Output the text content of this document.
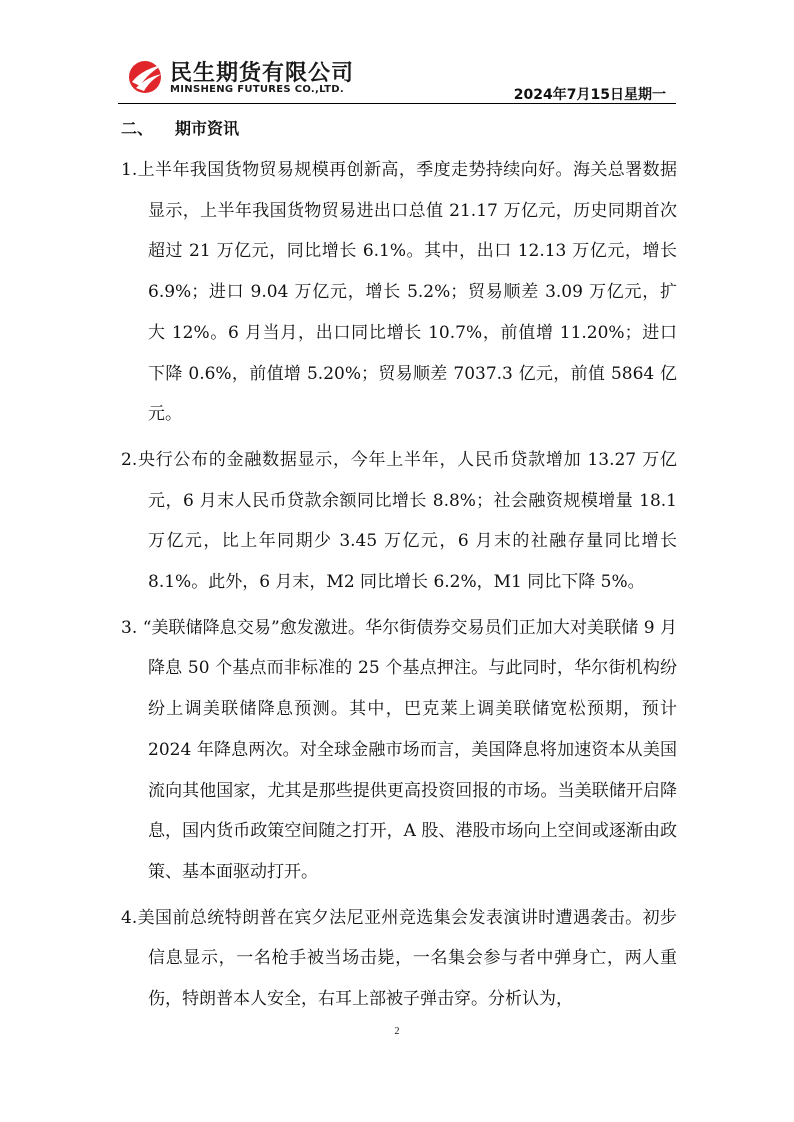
民生期货有限公司
MINSHENG FUTURES CO.,LTD.	2024年7月15日星期一
二、 期市资讯

1.上半年我国货物贸易规模再创新高，季度走势持续向好。海关总署数据显示，上半年我国货物贸易进出口总值 21.17 万亿元，历史同期首次超过 21 万亿元，同比增长 6.1%。其中，出口 12.13 万亿元，增长 6.9%；进口 9.04 万亿元，增长 5.2%；贸易顺差 3.09 万亿元，扩大 12%。6 月当月，出口同比增长 10.7%，前值增 11.20%；进口下降 0.6%，前值增 5.20%；贸易顺差 7037.3 亿元，前值 5864 亿元。

2.央行公布的金融数据显示，今年上半年，人民币贷款增加 13.27 万亿元，6 月末人民币贷款余额同比增长 8.8%；社会融资规模增量 18.1 万亿元，比上年同期少 3.45 万亿元，6 月末的社融存量同比增长 8.1%。此外，6 月末，M2 同比增长 6.2%，M1 同比下降 5%。

3. “美联储降息交易”愈发激进。华尔街债券交易员们正加大对美联储 9 月降息 50 个基点而非标准的 25 个基点押注。与此同时，华尔街机构纷纷上调美联储降息预测。其中，巴克莱上调美联储宽松预期，预计 2024 年降息两次。对全球金融市场而言，美国降息将加速资本从美国流向其他国家，尤其是那些提供更高投资回报的市场。当美联储开启降息，国内货币政策空间随之打开，A 股、港股市场向上空间或逐渐由政策、基本面驱动打开。

4.美国前总统特朗普在宾夕法尼亚州竞选集会发表演讲时遭遇袭击。初步信息显示，一名枪手被当场击毙，一名集会参与者中弹身亡，两人重伤，特朗普本人安全，右耳上部被子弹击穿。分析认为，

2
